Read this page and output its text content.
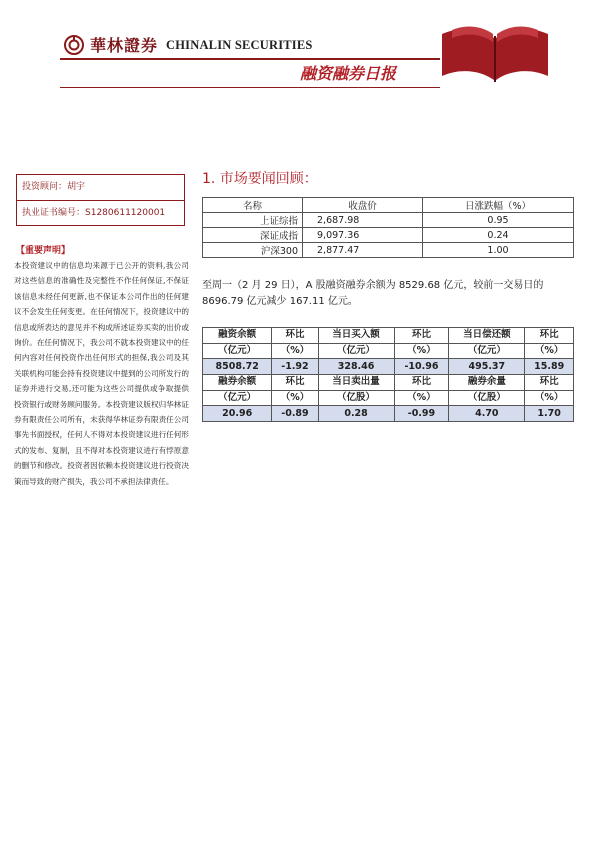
華林證券 CHINALIN SECURITIES
融资融券日报
投资顾问：胡宇
执业证书编号：S1280611120001
【重要声明】
本投资建议中的信息均来源于已公开的资料,我公司对这些信息的准确性及完整性不作任何保证,不保证该信息未经任何更新,也不保证本公司作出的任何建议不会发生任何变更。在任何情况下，投资建议中的信息或所表达的意见并不构成所述证券买卖的出价或询价。在任何情况下，我公司不就本投资建议中的任何内容对任何投资作出任何形式的担保,我公司及其关联机构可能会持有投资建议中提到的公司所发行的证券并进行交易,还可能为这些公司提供或争取提供投资银行或财务顾问服务。本投资建议版权归华林证券有限责任公司所有，未获得华林证券有限责任公司事先书面授权，任何人不得对本投资建议进行任何形式的发布、复制，且不得对本投资建议进行有悖原意的删节和修改。投资者因依赖本投资建议进行投资决策而导致的财产损失，我公司不承担法律责任。
1. 市场要闻回顾：
名称	收盘价	日涨跌幅（%）
上证综指	2,687.98	0.95
深证成指	9,097.36	0.24
沪深300	2,877.47	1.00
至周一（2 月 29 日），A 股融资融券余额为 8529.68 亿元，较前一交易日的 8696.79 亿元减少 167.11 亿元。
融资余额	环比	当日买入额	环比	当日偿还额	环比
（亿元）	（%）	（亿元）	（%）	（亿元）	（%）
8508.72	-1.92	328.46	-10.96	495.37	15.89
融券余额	环比	当日卖出量	环比	融券余量	环比
（亿元）	（%）	（亿股）	（%）	（亿股）	（%）
20.96	-0.89	0.28	-0.99	4.70	1.70
